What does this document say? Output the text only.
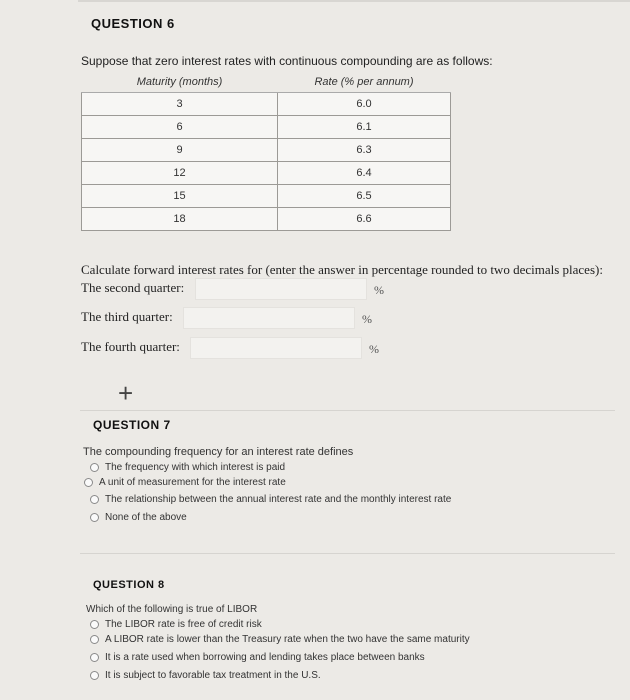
QUESTION 6
Suppose that zero interest rates with continuous compounding are as follows:
Maturity (months)	Rate (% per annum)
3	6.0
6	6.1
9	6.3
12	6.4
15	6.5
18	6.6
Calculate forward interest rates for (enter the answer in percentage rounded to two decimals places):
The second quarter:	%
The third quarter:	%
The fourth quarter:	%
+
QUESTION 7
The compounding frequency for an interest rate defines
The frequency with which interest is paid
A unit of measurement for the interest rate
The relationship between the annual interest rate and the monthly interest rate
None of the above
QUESTION 8
Which of the following is true of LIBOR
The LIBOR rate is free of credit risk
A LIBOR rate is lower than the Treasury rate when the two have the same maturity
It is a rate used when borrowing and lending takes place between banks
It is subject to favorable tax treatment in the U.S.
